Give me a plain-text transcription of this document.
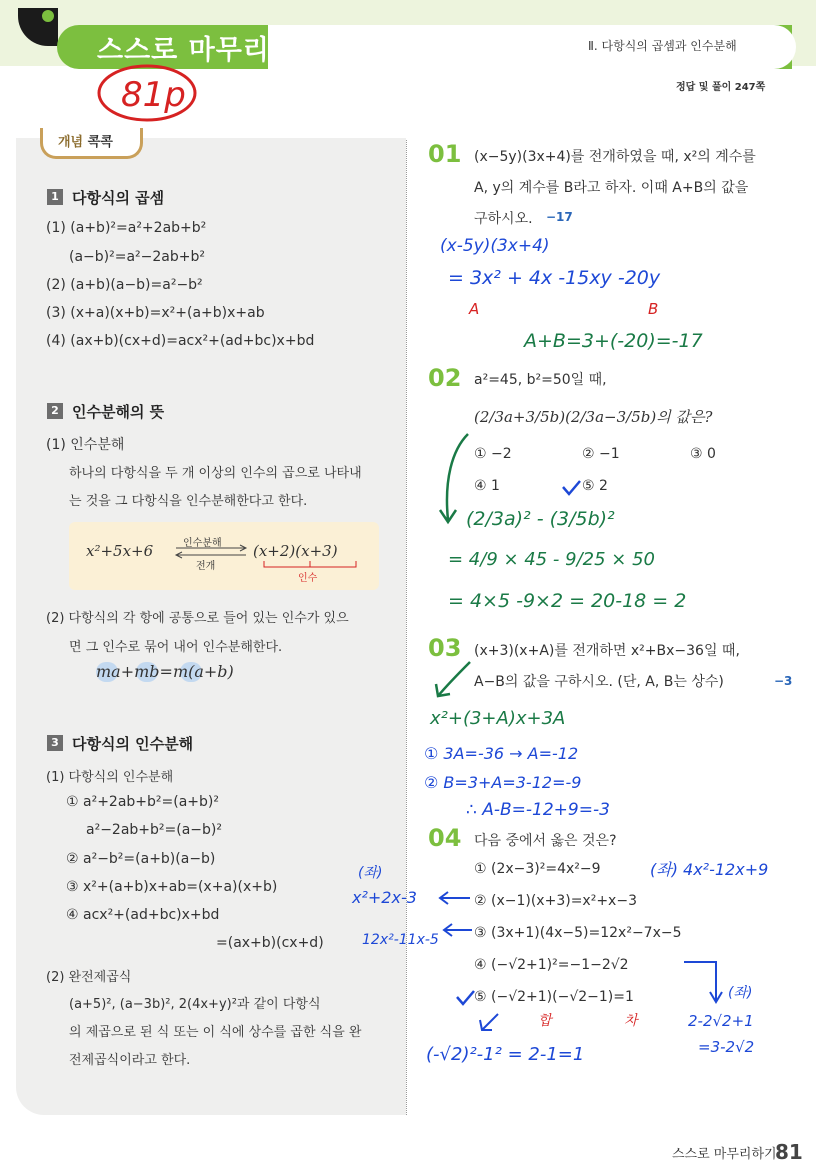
스스로 마무리하기	Ⅱ. 다항식의 곱셈과 인수분해
정답 및 풀이 247쪽
81p
개념 콕콕
1 다항식의 곱셈
(1) (a+b)²=a²+2ab+b²
(a−b)²=a²−2ab+b²
(2) (a+b)(a−b)=a²−b²
(3) (x+a)(x+b)=x²+(a+b)x+ab
(4) (ax+b)(cx+d)=acx²+(ad+bc)x+bd
2 인수분해의 뜻
(1) 인수분해
하나의 다항식을 두 개 이상의 인수의 곱으로 나타내
는 것을 그 다항식을 인수분해한다고 한다.
x²+5x+6	(x+2)(x+3)
인수분해
전개
인수
(2) 다항식의 각 항에 공통으로 들어 있는 인수가 있으
면 그 인수로 묶어 내어 인수분해한다.
ma+mb=m(a+b)
3 다항식의 인수분해
(1) 다항식의 인수분해
① a²+2ab+b²=(a+b)²
a²−2ab+b²=(a−b)²
② a²−b²=(a+b)(a−b)
③ x²+(a+b)x+ab=(x+a)(x+b)
④ acx²+(ad+bc)x+bd
=(ax+b)(cx+d)
(2) 완전제곱식
(a+5)², (a−3b)², 2(4x+y)²과 같이 다항식
의 제곱으로 된 식 또는 이 식에 상수를 곱한 식을 완
전제곱식이라고 한다.
01 (x−5y)(3x+4)를 전개하였을 때, x²의 계수를
A, y의 계수를 B라고 하자. 이때 A+B의 값을
구하시오. −17
(x-5y)(3x+4)
= 3x² + 4x -15xy -20y
A	B
A+B=3+(-20)=-17
02 a²=45, b²=50일 때,
(2/3a+3/5b)(2/3a−3/5b)의 값은?
① −2	② −1	③ 0
④ 1	⑤ 2
(2/3a)² - (3/5b)²
= 4/9 × 45 - 9/25 × 50
= 4×5 -9×2 = 20-18 = 2
03 (x+3)(x+A)를 전개하면 x²+Bx−36일 때,
A−B의 값을 구하시오. (단, A, B는 상수)	−3
x²+(3+A)x+3A
① 3A=-36 → A=-12
② B=3+A=3-12=-9
∴ A-B=-12+9=-3
04 다음 중에서 옳은 것은?
① (2x−3)²=4x²−9
② (x−1)(x+3)=x²+x−3
③ (3x+1)(4x−5)=12x²−7x−5
④ (−√2+1)²=−1−2√2
⑤ (−√2+1)(−√2−1)=1
(좌) 4x²-12x+9
(좌)
x²+2x-3
12x²-11x-5
(좌)
2-2√2+1
=3-2√2
합	차
(-√2)²-1² = 2-1=1
스스로 마무리하기
81
